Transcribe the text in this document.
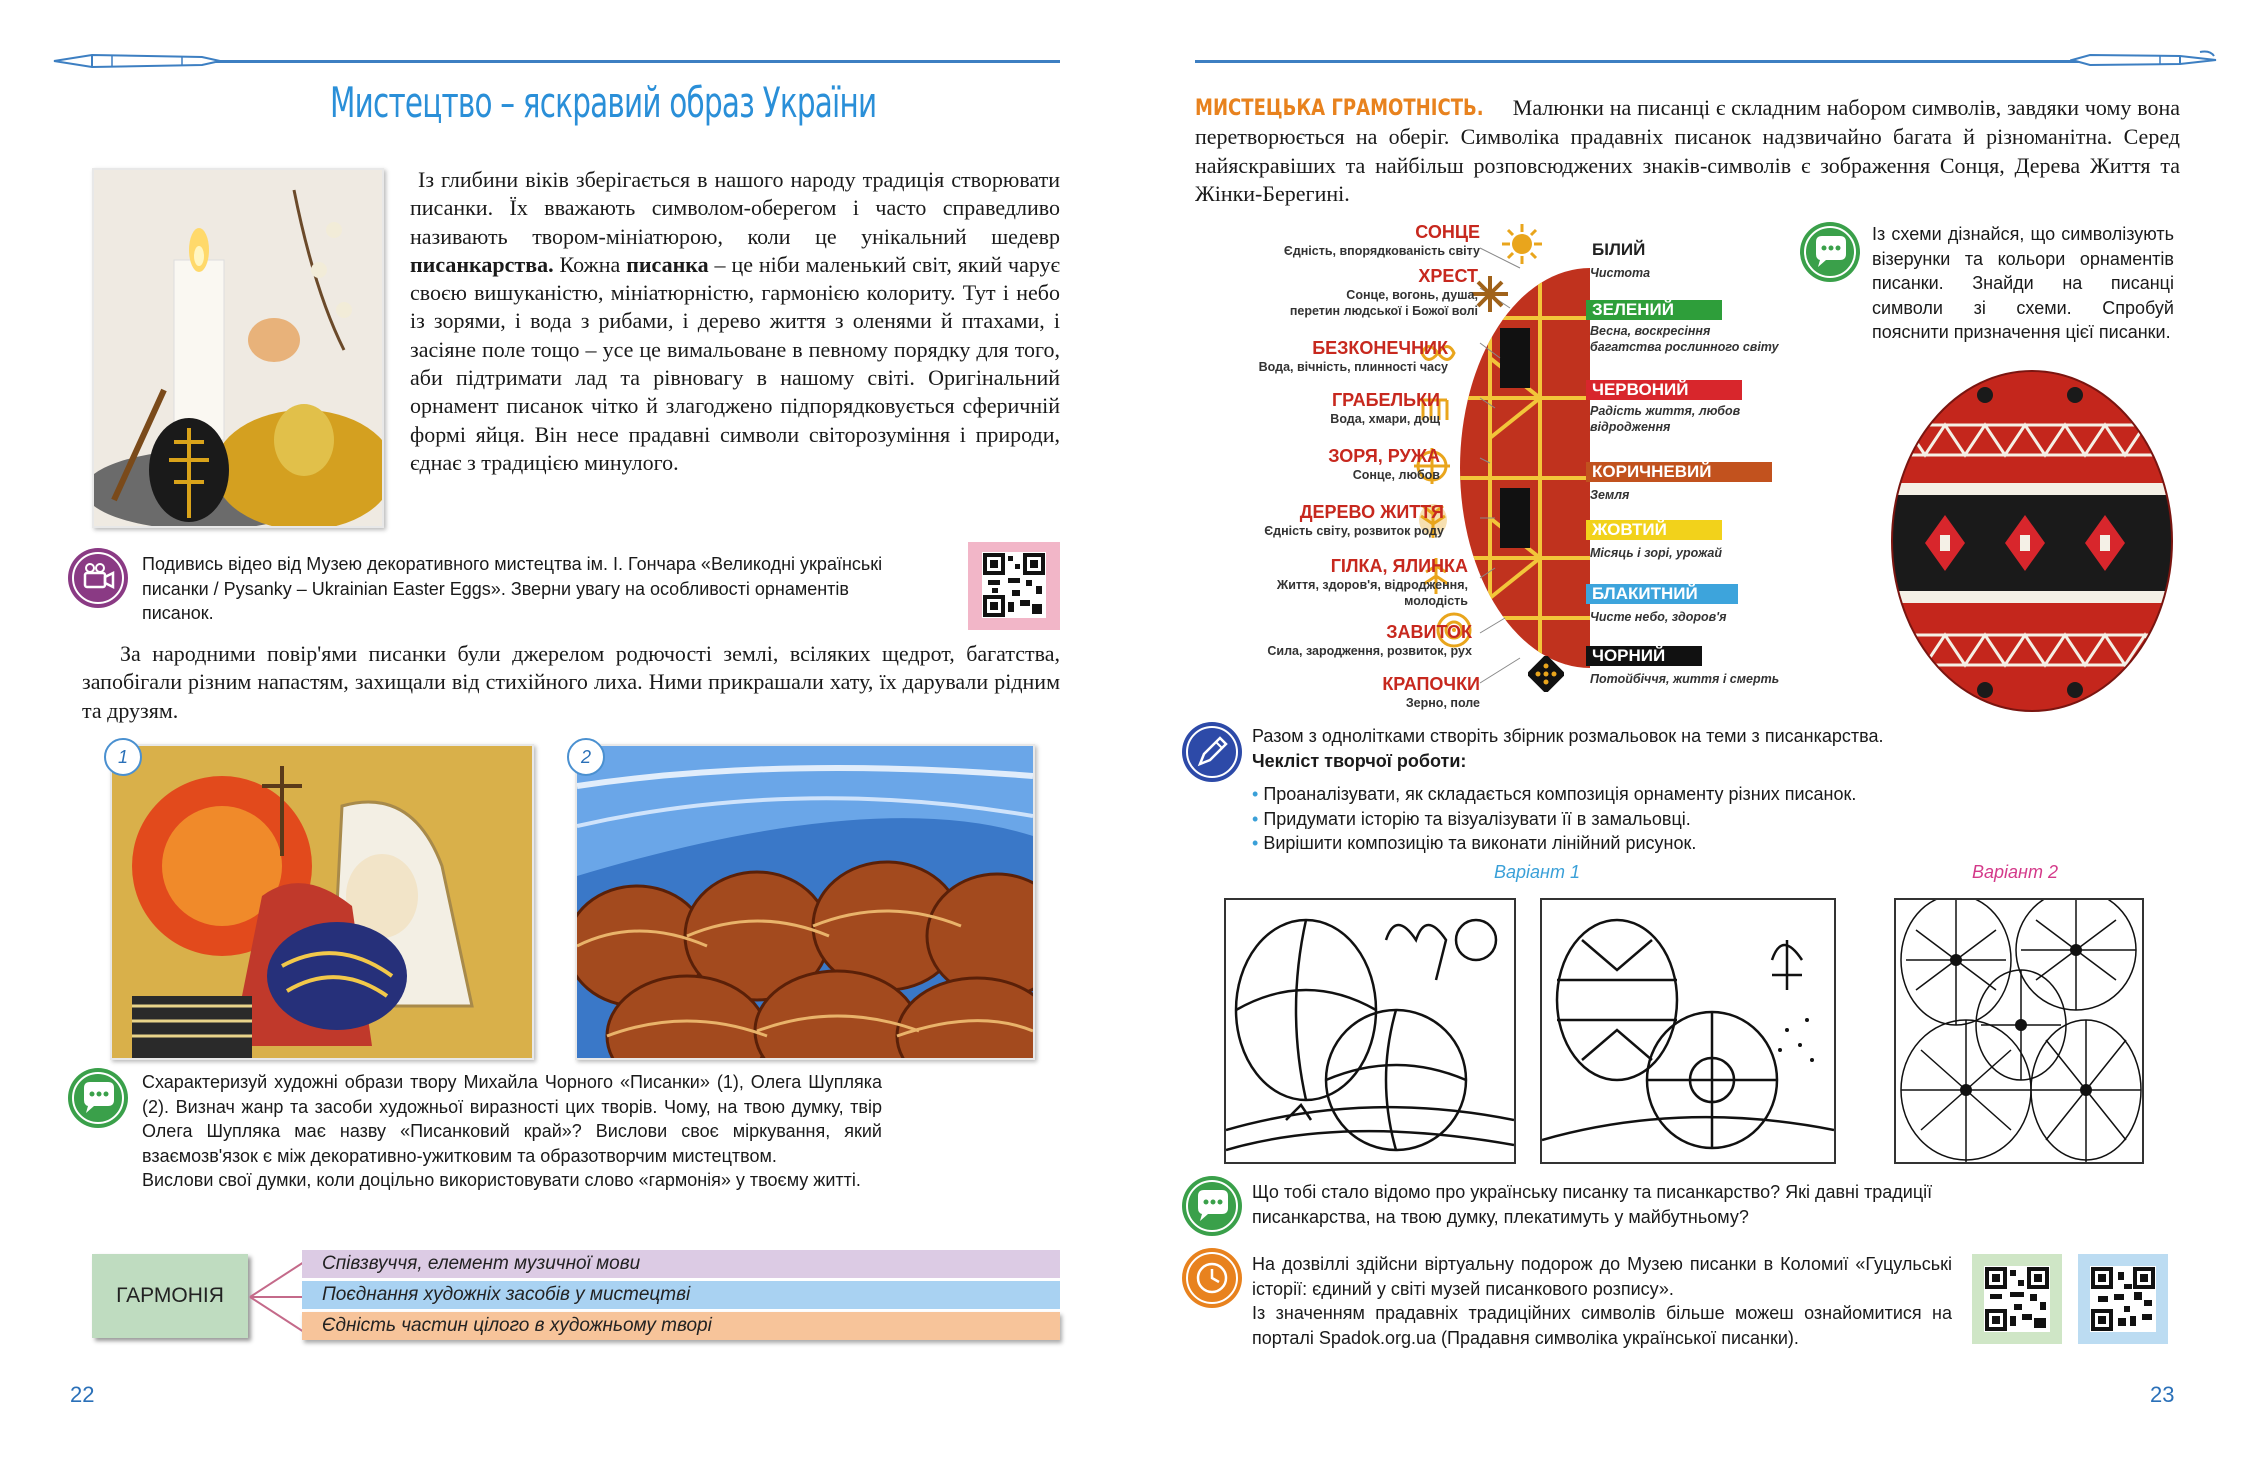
Мистецтво – яскравий образ України
Із глибини віків зберігається в нашого народу традиція створювати писанки. Їх вважають символом-оберегом і часто справедливо називають твором-мініатюрою, коли це унікальний шедевр писанкарства. Кожна писанка – це ніби маленький світ, який чарує своєю вишуканістю, мініатюрністю, гармонією колориту. Тут і небо із зорями, і вода з рибами, і дерево життя з оленями й птахами, і засіяне поле тощо – усе це вимальоване в певному порядку для того, аби підтримати лад та рівновагу в нашому світі. Оригінальний орнамент писанок чітко й злагоджено підпорядковується сферичній формі яйця. Він несе прадавні символи світорозуміння і природи, єднає з традицією минулого.
Подивись відео від Музею декоративного мистецтва ім. І. Гончара «Великодні українські писанки / Pysanky – Ukrainian Easter Eggs». Зверни увагу на особливості орнаментів писанок.
За народними повір'ями писанки були джерелом родючості землі, всіляких щедрот, багатства, запобігали різним напастям, захищали від стихійного лиха. Ними прикрашали хату, їх дарували рідним та друзям.
1	2
Схарактеризуй художні образи твору Михайла Чорного «Писанки» (1), Олега Шупляка (2). Визнач жанр та засоби художньої виразності цих творів. Чому, на твою думку, твір Олега Шупляка має назву «Писанковий край»? Вислови своє міркування, який взаємозв'язок є між декоративно-ужитковим та образотворчим мистецтвом.
Вислови свої думки, коли доцільно використовувати слово «гармонія» у твоєму житті.
ГАРМОНІЯ
Співзвуччя, елемент музичної мови
Поєднання художніх засобів у мистецтві
Єдність частин цілого в художньому творі
22
МИСТЕЦЬКА ГРАМОТНІСТЬ. Малюнки на писанці є складним набором символів, завдяки чому вона перетворюється на оберіг. Символіка прадавніх писанок надзвичайно багата й різноманітна. Серед найяскравіших та найбільш розповсюджених знаків-символів є зображення Сонця, Дерева Життя та Жінки-Берегині.
СОНЦЕ
Єдність, впорядкованість світу
ХРЕСТ
Сонце, вогонь, душа,
перетин людської і Божої волі
БЕЗКОНЕЧНИК
Вода, вічність, плинності часу
ГРАБЕЛЬКИ
Вода, хмари, дощ
ЗОРЯ, РУЖА
Сонце, любов
ДЕРЕВО ЖИТТЯ
Єдність світу, розвиток роду
ГІЛКА, ЯЛИНКА
Життя, здоров'я, відродження,
молодість
ЗАВИТОК
Сила, зародження, розвиток, рух
КРАПОЧКИ
Зерно, поле
БІЛИЙ
Чистота
ЗЕЛЕНИЙ
Весна, воскресіння
багатства рослинного світу
ЧЕРВОНИЙ
Радість життя, любов
відродження
КОРИЧНЕВИЙ
Земля
ЖОВТИЙ
Місяць і зорі, урожай
БЛАКИТНИЙ
Чисте небо, здоров'я
ЧОРНИЙ
Потойбіччя, життя і смерть
Із схеми дізнайся, що символізують візерунки та кольори орнаментів писанки. Знайди на писанці символи зі схеми. Спробуй пояснити призначення цієї писанки.
Разом з однолітками створіть збірник розмальовок на теми з писанкарства.
Чекліст творчої роботи:
• Проаналізувати, як складається композиція орнаменту різних писанок.
• Придумати історію та візуалізувати її в замальовці.
• Вирішити композицію та виконати лінійний рисунок.
Варіант 1	Варіант 2
Що тобі стало відомо про українську писанку та писанкарство? Які давні традиції писанкарства, на твою думку, плекатимуть у майбутньому?
На дозвіллі здійсни віртуальну подорож до Музею писанки в Коломиї «Гуцульські історії: єдиний у світі музей писанкового розпису».
Із значенням прадавніх традиційних символів більше можеш ознайомитися на порталі Spadok.org.ua (Прадавня символіка української писанки).
23
